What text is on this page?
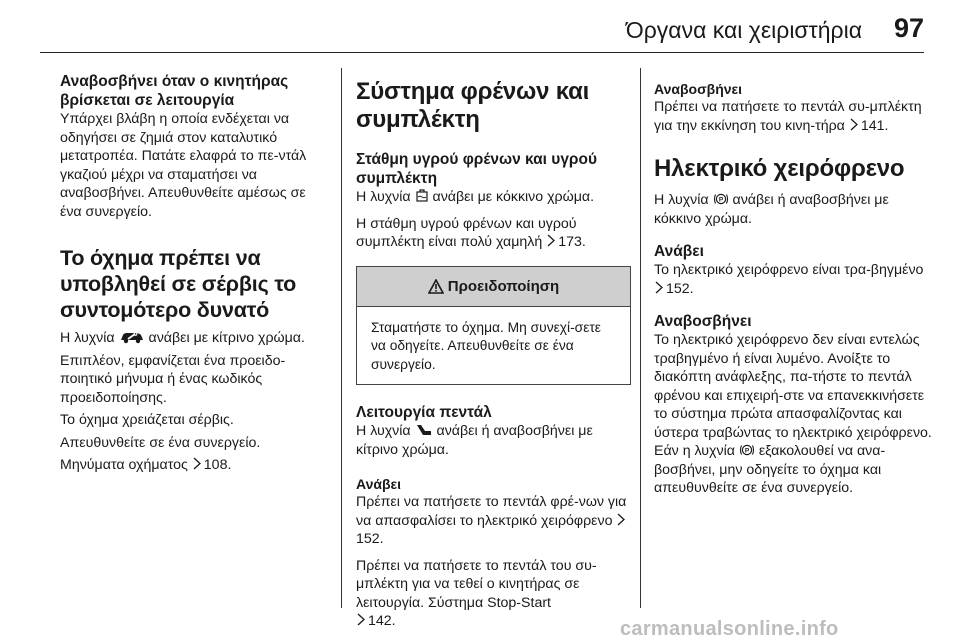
Όργανα και χειριστήρια 97
Αναβοσβήνει όταν ο κινητήρας βρίσκεται σε λειτουργία

Υπάρχει βλάβη η οποία ενδέχεται να οδηγήσει σε ζημιά στον καταλυτικό μετατροπέα. Πατάτε ελαφρά το πε-ντάλ γκαζιού μέχρι να σταματήσει να αναβοσβήνει. Απευθυνθείτε αμέσως σε ένα συνεργείο.

Το όχημα πρέπει να υποβληθεί σε σέρβις το συντομότερο δυνατό

Η λυχνία ανάβει με κίτρινο χρώμα.

Επιπλέον, εμφανίζεται ένα προειδο-ποιητικό μήνυμα ή ένας κωδικός προειδοποίησης.

Το όχημα χρειάζεται σέρβις.

Απευθυνθείτε σε ένα συνεργείο.

Μηνύματα οχήματος 108.

Σύστημα φρένων και συμπλέκτη
Στάθμη υγρού φρένων και υγρού συμπλέκτη

Η λυχνία ανάβει με κόκκινο χρώμα.

Η στάθμη υγρού φρένων και υγρού συμπλέκτη είναι πολύ χαμηλή 173.

Προειδοποίηση

Σταματήστε το όχημα. Μη συνεχί-σετε να οδηγείτε. Απευθυνθείτε σε ένα συνεργείο.

Λειτουργία πεντάλ

Η λυχνία ανάβει ή αναβοσβήνει με κίτρινο χρώμα.

Ανάβει

Πρέπει να πατήσετε το πεντάλ φρέ-νων για να απασφαλίσει το ηλεκτρικό χειρόφρενο 152.

Πρέπει να πατήσετε το πεντάλ του συ-μπλέκτη για να τεθεί ο κινητήρας σε λειτουργία. Σύστημα Stop-Start
142.

Αναβοσβήνει

Πρέπει να πατήσετε το πεντάλ συ-μπλέκτη για την εκκίνηση του κινη-τήρα 141.

Ηλεκτρικό χειρόφρενο

Η λυχνία P ανάβει ή αναβοσβήνει με κόκκινο χρώμα.

Ανάβει

Το ηλεκτρικό χειρόφρενο είναι τρα-βηγμένο 152.

Αναβοσβήνει

Το ηλεκτρικό χειρόφρενο δεν είναι εντελώς τραβηγμένο ή είναι λυμένο. Ανοίξτε το διακόπτη ανάφλεξης, πα-τήστε το πεντάλ φρένου και επιχειρή-στε να επανεκκινήσετε το σύστημα πρώτα απασφαλίζοντας και ύστερα τραβώντας το ηλεκτρικό χειρόφρενο. Εάν η λυχνία P εξακολουθεί να ανα-βοσβήνει, μην οδηγείτε το όχημα και απευθυνθείτε σε ένα συνεργείο.

carmanualsonline.info
